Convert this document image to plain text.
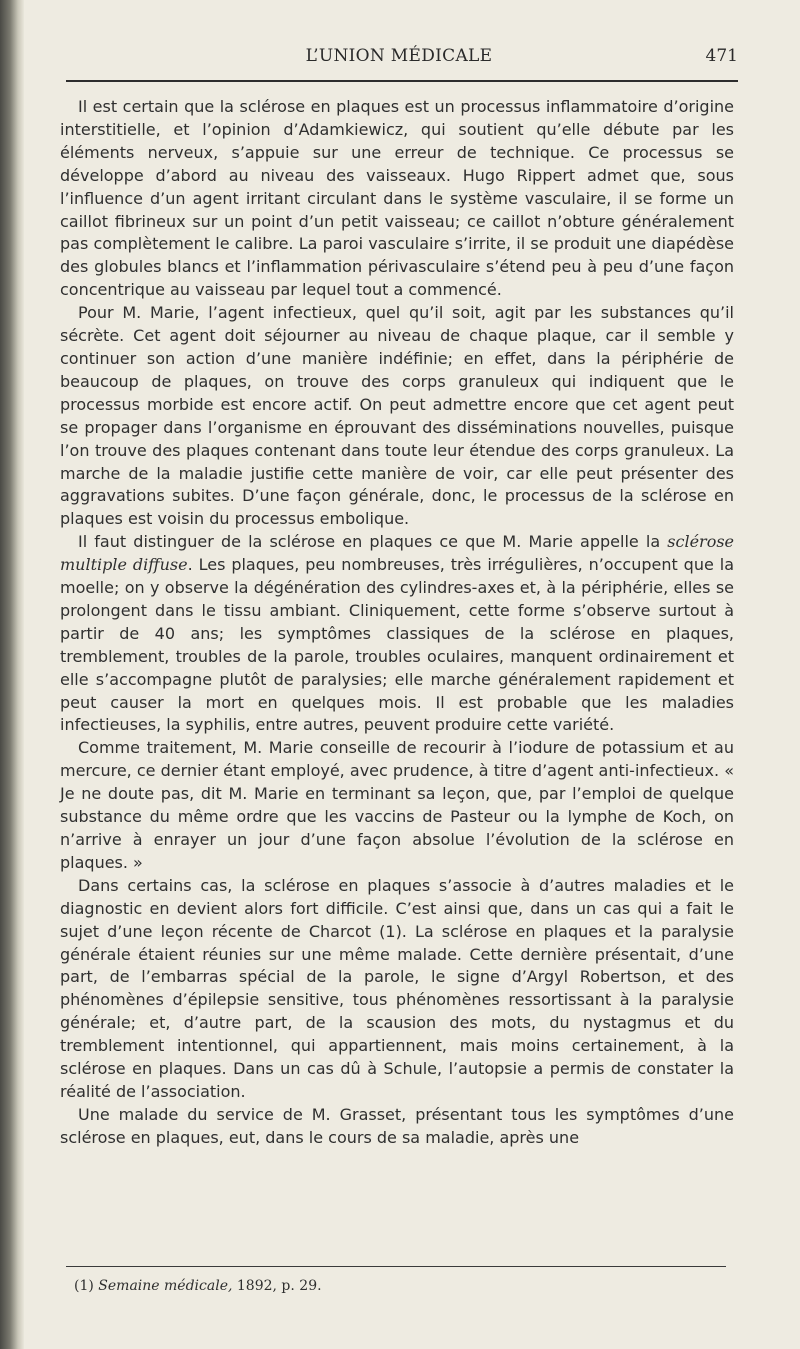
L’UNION MÉDICALE	471

Il est certain que la sclérose en plaques est un processus inflammatoire d’origine interstitielle, et l’opinion d’Adamkiewicz, qui soutient qu’elle débute par les éléments nerveux, s’appuie sur une erreur de technique. Ce processus se développe d’abord au niveau des vaisseaux. Hugo Rippert admet que, sous l’influence d’un agent irritant circulant dans le système vasculaire, il se forme un caillot fibrineux sur un point d’un petit vaisseau; ce caillot n’obture généralement pas complètement le calibre. La paroi vasculaire s’irrite, il se produit une diapédèse des globules blancs et l’inflammation périvasculaire s’étend peu à peu d’une façon concentrique au vaisseau par lequel tout a commencé.

Pour M. Marie, l’agent infectieux, quel qu’il soit, agit par les substances qu’il sécrète. Cet agent doit séjourner au niveau de chaque plaque, car il semble y continuer son action d’une manière indéfinie; en effet, dans la périphérie de beaucoup de plaques, on trouve des corps granuleux qui indiquent que le processus morbide est encore actif. On peut admettre encore que cet agent peut se propager dans l’organisme en éprouvant des disséminations nouvelles, puisque l’on trouve des plaques contenant dans toute leur étendue des corps granuleux. La marche de la maladie justifie cette manière de voir, car elle peut présenter des aggravations subites. D’une façon générale, donc, le processus de la sclérose en plaques est voisin du processus embolique.

Il faut distinguer de la sclérose en plaques ce que M. Marie appelle la sclérose multiple diffuse. Les plaques, peu nombreuses, très irrégulières, n’occupent que la moelle; on y observe la dégénération des cylindres-axes et, à la périphérie, elles se prolongent dans le tissu ambiant. Cliniquement, cette forme s’observe surtout à partir de 40 ans; les symptômes classiques de la sclérose en plaques, tremblement, troubles de la parole, troubles oculaires, manquent ordinairement et elle s’accompagne plutôt de paralysies; elle marche généralement rapidement et peut causer la mort en quelques mois. Il est probable que les maladies infectieuses, la syphilis, entre autres, peuvent produire cette variété.

Comme traitement, M. Marie conseille de recourir à l’iodure de potassium et au mercure, ce dernier étant employé, avec prudence, à titre d’agent anti-infectieux. « Je ne doute pas, dit M. Marie en terminant sa leçon, que, par l’emploi de quelque substance du même ordre que les vaccins de Pasteur ou la lymphe de Koch, on n’arrive à enrayer un jour d’une façon absolue l’évolution de la sclérose en plaques. »

Dans certains cas, la sclérose en plaques s’associe à d’autres maladies et le diagnostic en devient alors fort difficile. C’est ainsi que, dans un cas qui a fait le sujet d’une leçon récente de Charcot (1). La sclérose en plaques et la paralysie générale étaient réunies sur une même malade. Cette dernière présentait, d’une part, de l’embarras spécial de la parole, le signe d’Argyl Robertson, et des phénomènes d’épilepsie sensitive, tous phénomènes ressortissant à la paralysie générale; et, d’autre part, de la scausion des mots, du nystagmus et du tremblement intentionnel, qui appartiennent, mais moins certainement, à la sclérose en plaques. Dans un cas dû à Schule, l’autopsie a permis de constater la réalité de l’association.

Une malade du service de M. Grasset, présentant tous les symptômes d’une sclérose en plaques, eut, dans le cours de sa maladie, après une

(1) Semaine médicale, 1892, p. 29.
